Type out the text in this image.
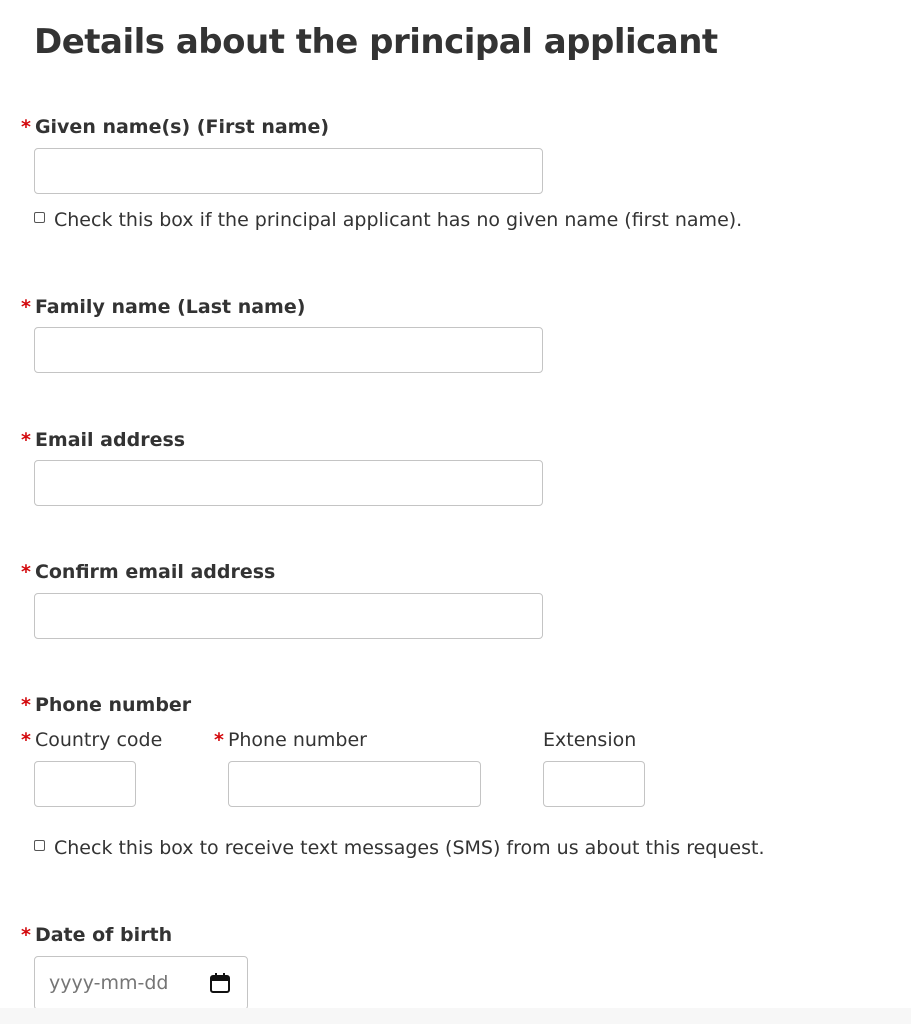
Details about the principal applicant
* Given name(s) (First name)
Check this box if the principal applicant has no given name (first name).
* Family name (Last name)
* Email address
* Confirm email address
* Phone number
* Country code	* Phone number	Extension
Check this box to receive text messages (SMS) from us about this request.
* Date of birth
yyyy-mm-dd
